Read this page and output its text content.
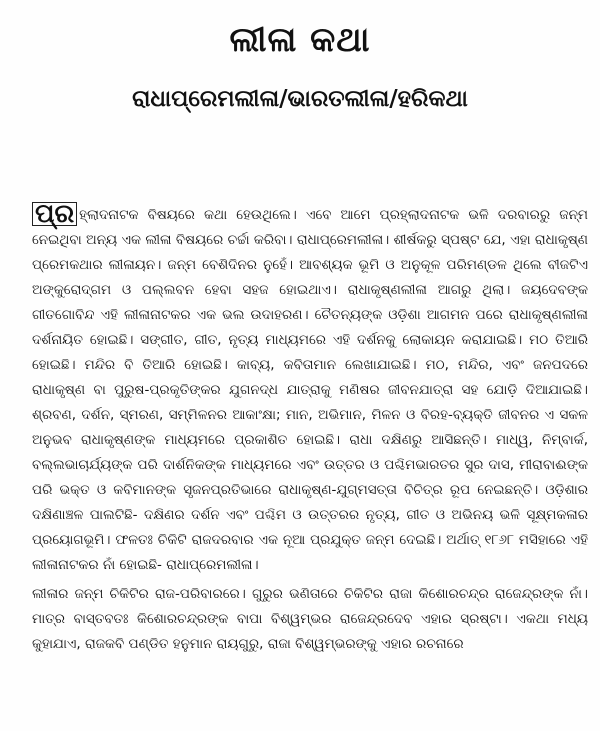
ଲୀଳା କଥା
ରାଧାପ୍ରେମଲୀଳା/ଭାରତଲୀଳା/ହରିକଥା

ପ୍ର ହ୍ଲାଦନାଟକ ବିଷୟରେ କଥା ହେଉଥିଲେ। ଏବେ ଆମେ ପ୍ରହ୍ଲାଦନାଟକ ଭଳି ଦରବାରରୁ ଜନ୍ମ ନେଇଥିବା ଅନ୍ୟ ଏକ ଲୀଳା ବିଷୟରେ ଚର୍ଚ୍ଚା କରିବା। ରାଧାପ୍ରେମଲୀଳା। ଶୀର୍ଷକରୁ ସ୍ପଷ୍ଟ ଯେ, ଏହା ରାଧାକୃଷ୍ଣ ପ୍ରେମକଥାର ଲୀଳାୟନ। ଜନ୍ମ ବେଶିଦିନର ନୁହେଁ। ଆବଶ୍ୟକ ଭୂମି ଓ ଅନୁକୂଳ ପରିମଣ୍ଡଳ ଥିଲେ ବୀଜଟିଏ ଅଙ୍କୁରୋଦ୍‌ଗମ ଓ ପଲ୍ଲବନ ହେବା ସହଜ ହୋଇଥାଏ। ରାଧାକୃଷ୍ଣଲୀଳା ଆଗରୁ ଥିଲା। ଜୟଦେବଙ୍କ ଗୀତଗୋବିନ୍ଦ ଏହି ଲୀଳାନାଟକର ଏକ ଭଲ ଉଦାହରଣ। ଚୈତନ୍ୟଙ୍କ ଓଡ଼ିଶା ଆଗମନ ପରେ ରାଧାକୃଷ୍ଣଲୀଳା ଦର୍ଶନାୟିତ ହୋଇଛି। ସଙ୍ଗୀତ, ଗୀତ, ନୃତ୍ୟ ମାଧ୍ୟମରେ ଏହି ଦର୍ଶନକୁ ଲୋକାୟନ କରାଯାଇଛି। ମଠ ତିଆରି ହୋଇଛି। ମନ୍ଦିର ବି ତିଆରି ହୋଇଛି। କାବ୍ୟ, କବିତାମାନ ଲେଖାଯାଇଛି। ମଠ, ମନ୍ଦିର, ଏବଂ ଜନପଦରେ ରାଧାକୃଷ୍ଣ ବା ପୁରୁଷ-ପ୍ରକୃତିଙ୍କର ଯୁଗନଦ୍ଧ ଯାତ୍ରାକୁ ମଣିଷର ଜୀବନଯାତ୍ରା ସହ ଯୋଡ଼ି ଦିଆଯାଇଛି। ଶ୍ରବଣ, ଦର୍ଶନ, ସ୍ମରଣ, ସମ୍ମିଳନର ଆକାଂକ୍ଷା; ମାନ, ଅଭିମାନ, ମିଳନ ଓ ବିରହ-ବ୍ୟକ୍ତି ଜୀବନର ଏ ସକଳ ଅନୁଭବ ରାଧାକୃଷ୍ଣଙ୍କ ମାଧ୍ୟମରେ ପ୍ରକାଶିତ ହୋଇଛି। ରାଧା ଦକ୍ଷିଣରୁ ଆସିଛନ୍ତି। ମାଧ୍ୱ, ନିମ୍ବାର୍କ, ବଲ୍ଲଭାଚାର୍ଯ୍ୟଙ୍କ ପରି ଦାର୍ଶନିକଙ୍କ ମାଧ୍ୟମରେ ଏବଂ ଉତ୍ତର ଓ ପଶ୍ଚିମଭାରତର ସୁର ଦାସ, ମୀରାବାଈଙ୍କ ପରି ଭକ୍ତ ଓ କବିମାନଙ୍କ ସୃଜନପ୍ରତିଭାରେ ରାଧାକୃଷ୍ଣ-ଯୁଗ୍ମସତ୍ତା ବିଚିତ୍ର ରୂପ ନେଇଛନ୍ତି। ଓଡ଼ିଶାର ଦକ୍ଷିଣାଞ୍ଚଳ ପାଲଟିଛି- ଦକ୍ଷିଣର ଦର୍ଶନ ଏବଂ ପଶ୍ଚିମ ଓ ଉତ୍ତରର ନୃତ୍ୟ, ଗୀତ ଓ ଅଭିନୟ ଭଳି ସୂକ୍ଷ୍ମକଳାର ପ୍ରୟୋଗଭୂମି। ଫଳତଃ ଚିକିଟି ରାଜଦରବାର ଏକ ନୂଆ ପ୍ରଯୁକ୍ତ ଜନ୍ମ ଦେଇଛି। ଅର୍ଥାତ୍ ୧୮୬୮ ମସିହାରେ ଏହି ଲୀଳାନାଟକର ନାଁ ହୋଇଛି- ରାଧାପ୍ରେମଲୀଳା।

ଲୀଳାର ଜନ୍ମ ଚିକିଟିର ରାଜ-ପରିବାରରେ। ଗୁରୁର ଭଣିତାରେ ଚିକିଟିର ରାଜା କିଶୋରଚନ୍ଦ୍ର ରାଜେନ୍ଦ୍ରଙ୍କ ନାଁ। ମାତ୍ର ବାସ୍ତବତଃ କିଶୋରଚନ୍ଦ୍ରଙ୍କ ବାପା ବିଶ୍ୱମ୍ଭର ରାଜେନ୍ଦ୍ରଦେବ ଏହାର ସ୍ରଷ୍ଟା। ଏକଥା ମଧ୍ୟ କୁହାଯାଏ, ରାଜକବି ପଣ୍ଡିତ ହନୁମାନ ରାୟଗୁରୁ, ରାଜା ବିଶ୍ୱମ୍ଭରଙ୍କୁ ଏହାର ରଚନାରେ
